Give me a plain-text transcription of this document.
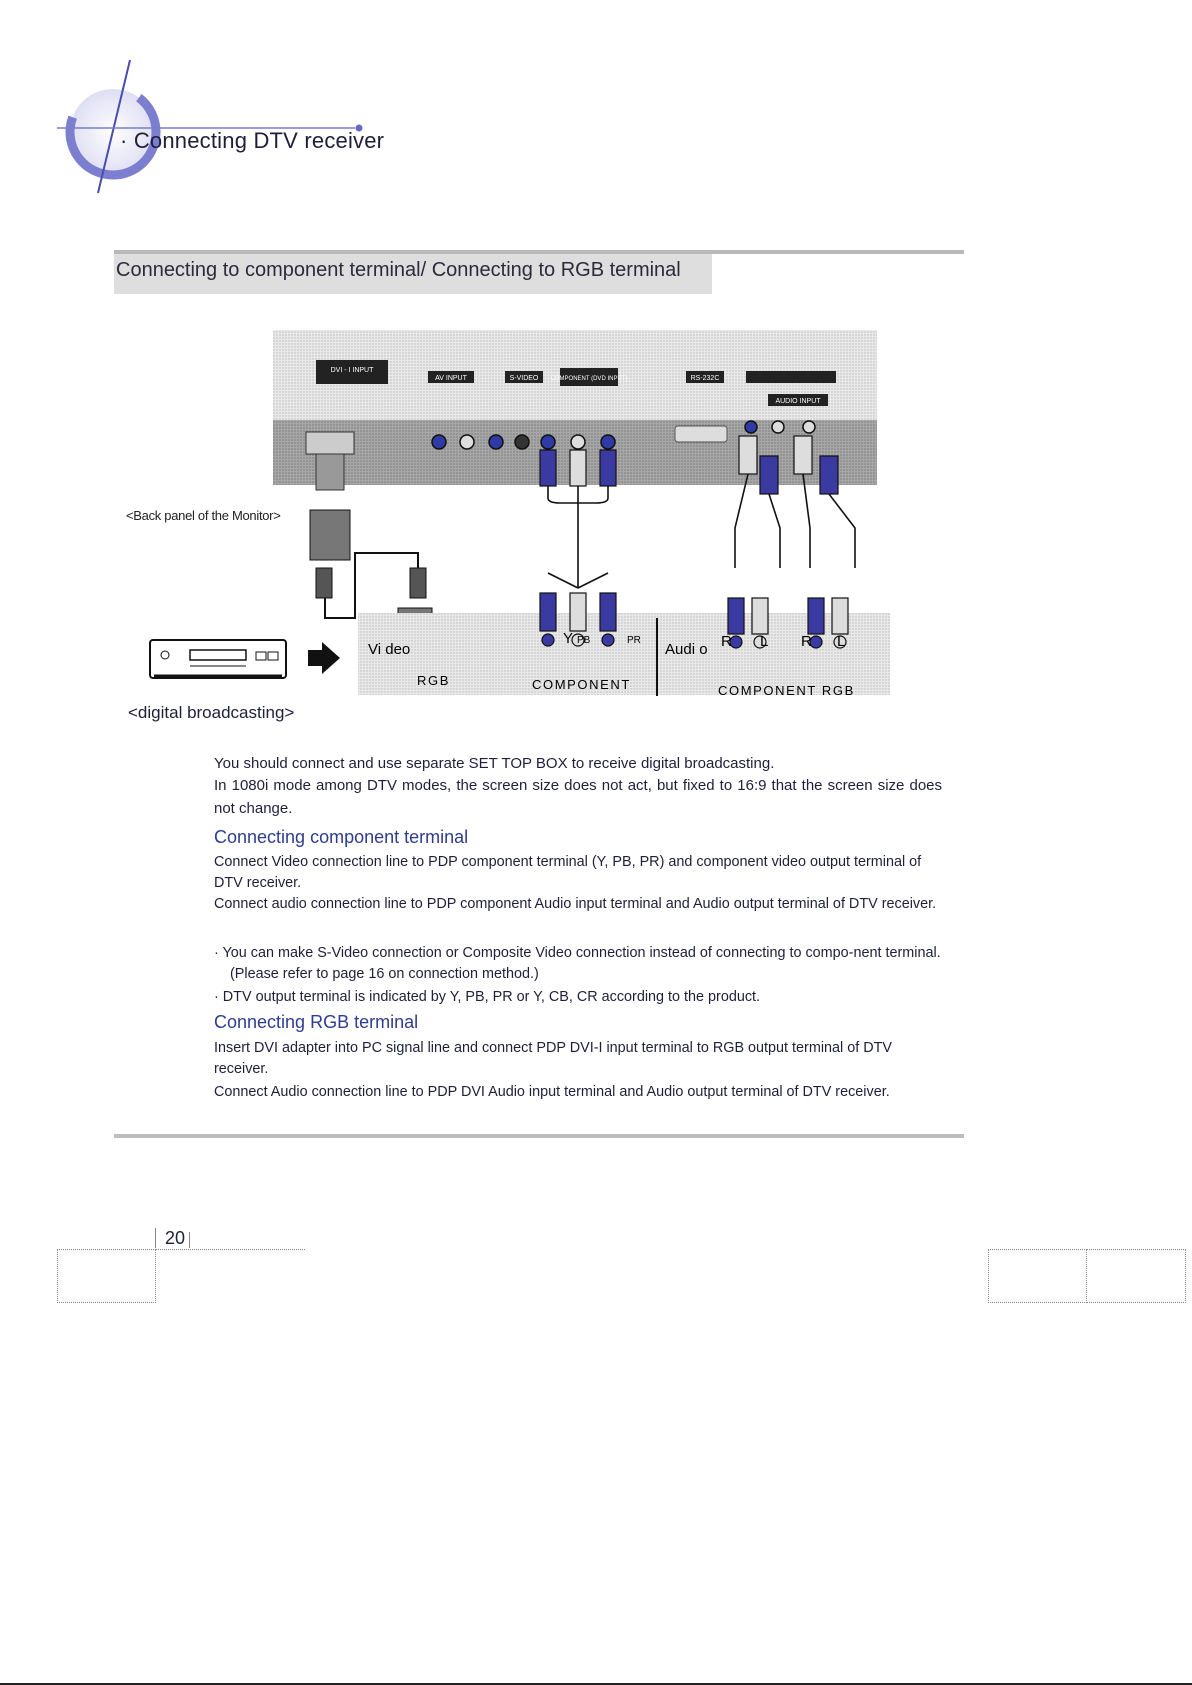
· Connecting DTV receiver
Connecting to component terminal/ Connecting to RGB terminal
DVI - I INPUT
AV INPUT	S-VIDEO COMPONENT (DVD INPUT)	RS-232C
AUDIO INPUT
Vi deo
RGB	COMPONENT
Audi o
COMPONENT RGB
Y PB	PR	R L R L
<Back panel of the Monitor>
<digital broadcasting>
You should connect and use separate SET TOP BOX to receive digital broadcasting.
In 1080i mode among DTV modes, the screen size does not act, but fixed to 16:9 that the screen size does not change.
Connecting component terminal
Connect Video connection line to PDP component terminal (Y, PB, PR) and component video output terminal of DTV receiver.
Connect audio connection line to PDP component Audio input terminal and Audio output terminal of DTV receiver.
· You can make S-Video connection or Composite Video connection instead of connecting to compo-nent terminal. (Please refer to page 16 on connection method.)
· DTV output terminal is indicated by Y, PB, PR or Y, CB, CR according to the product.
Connecting RGB terminal
Insert DVI adapter into PC signal line and connect PDP DVI-I input terminal to RGB output terminal of DTV receiver.
Connect Audio connection line to PDP DVI Audio input terminal and Audio output terminal of DTV receiver.
20
